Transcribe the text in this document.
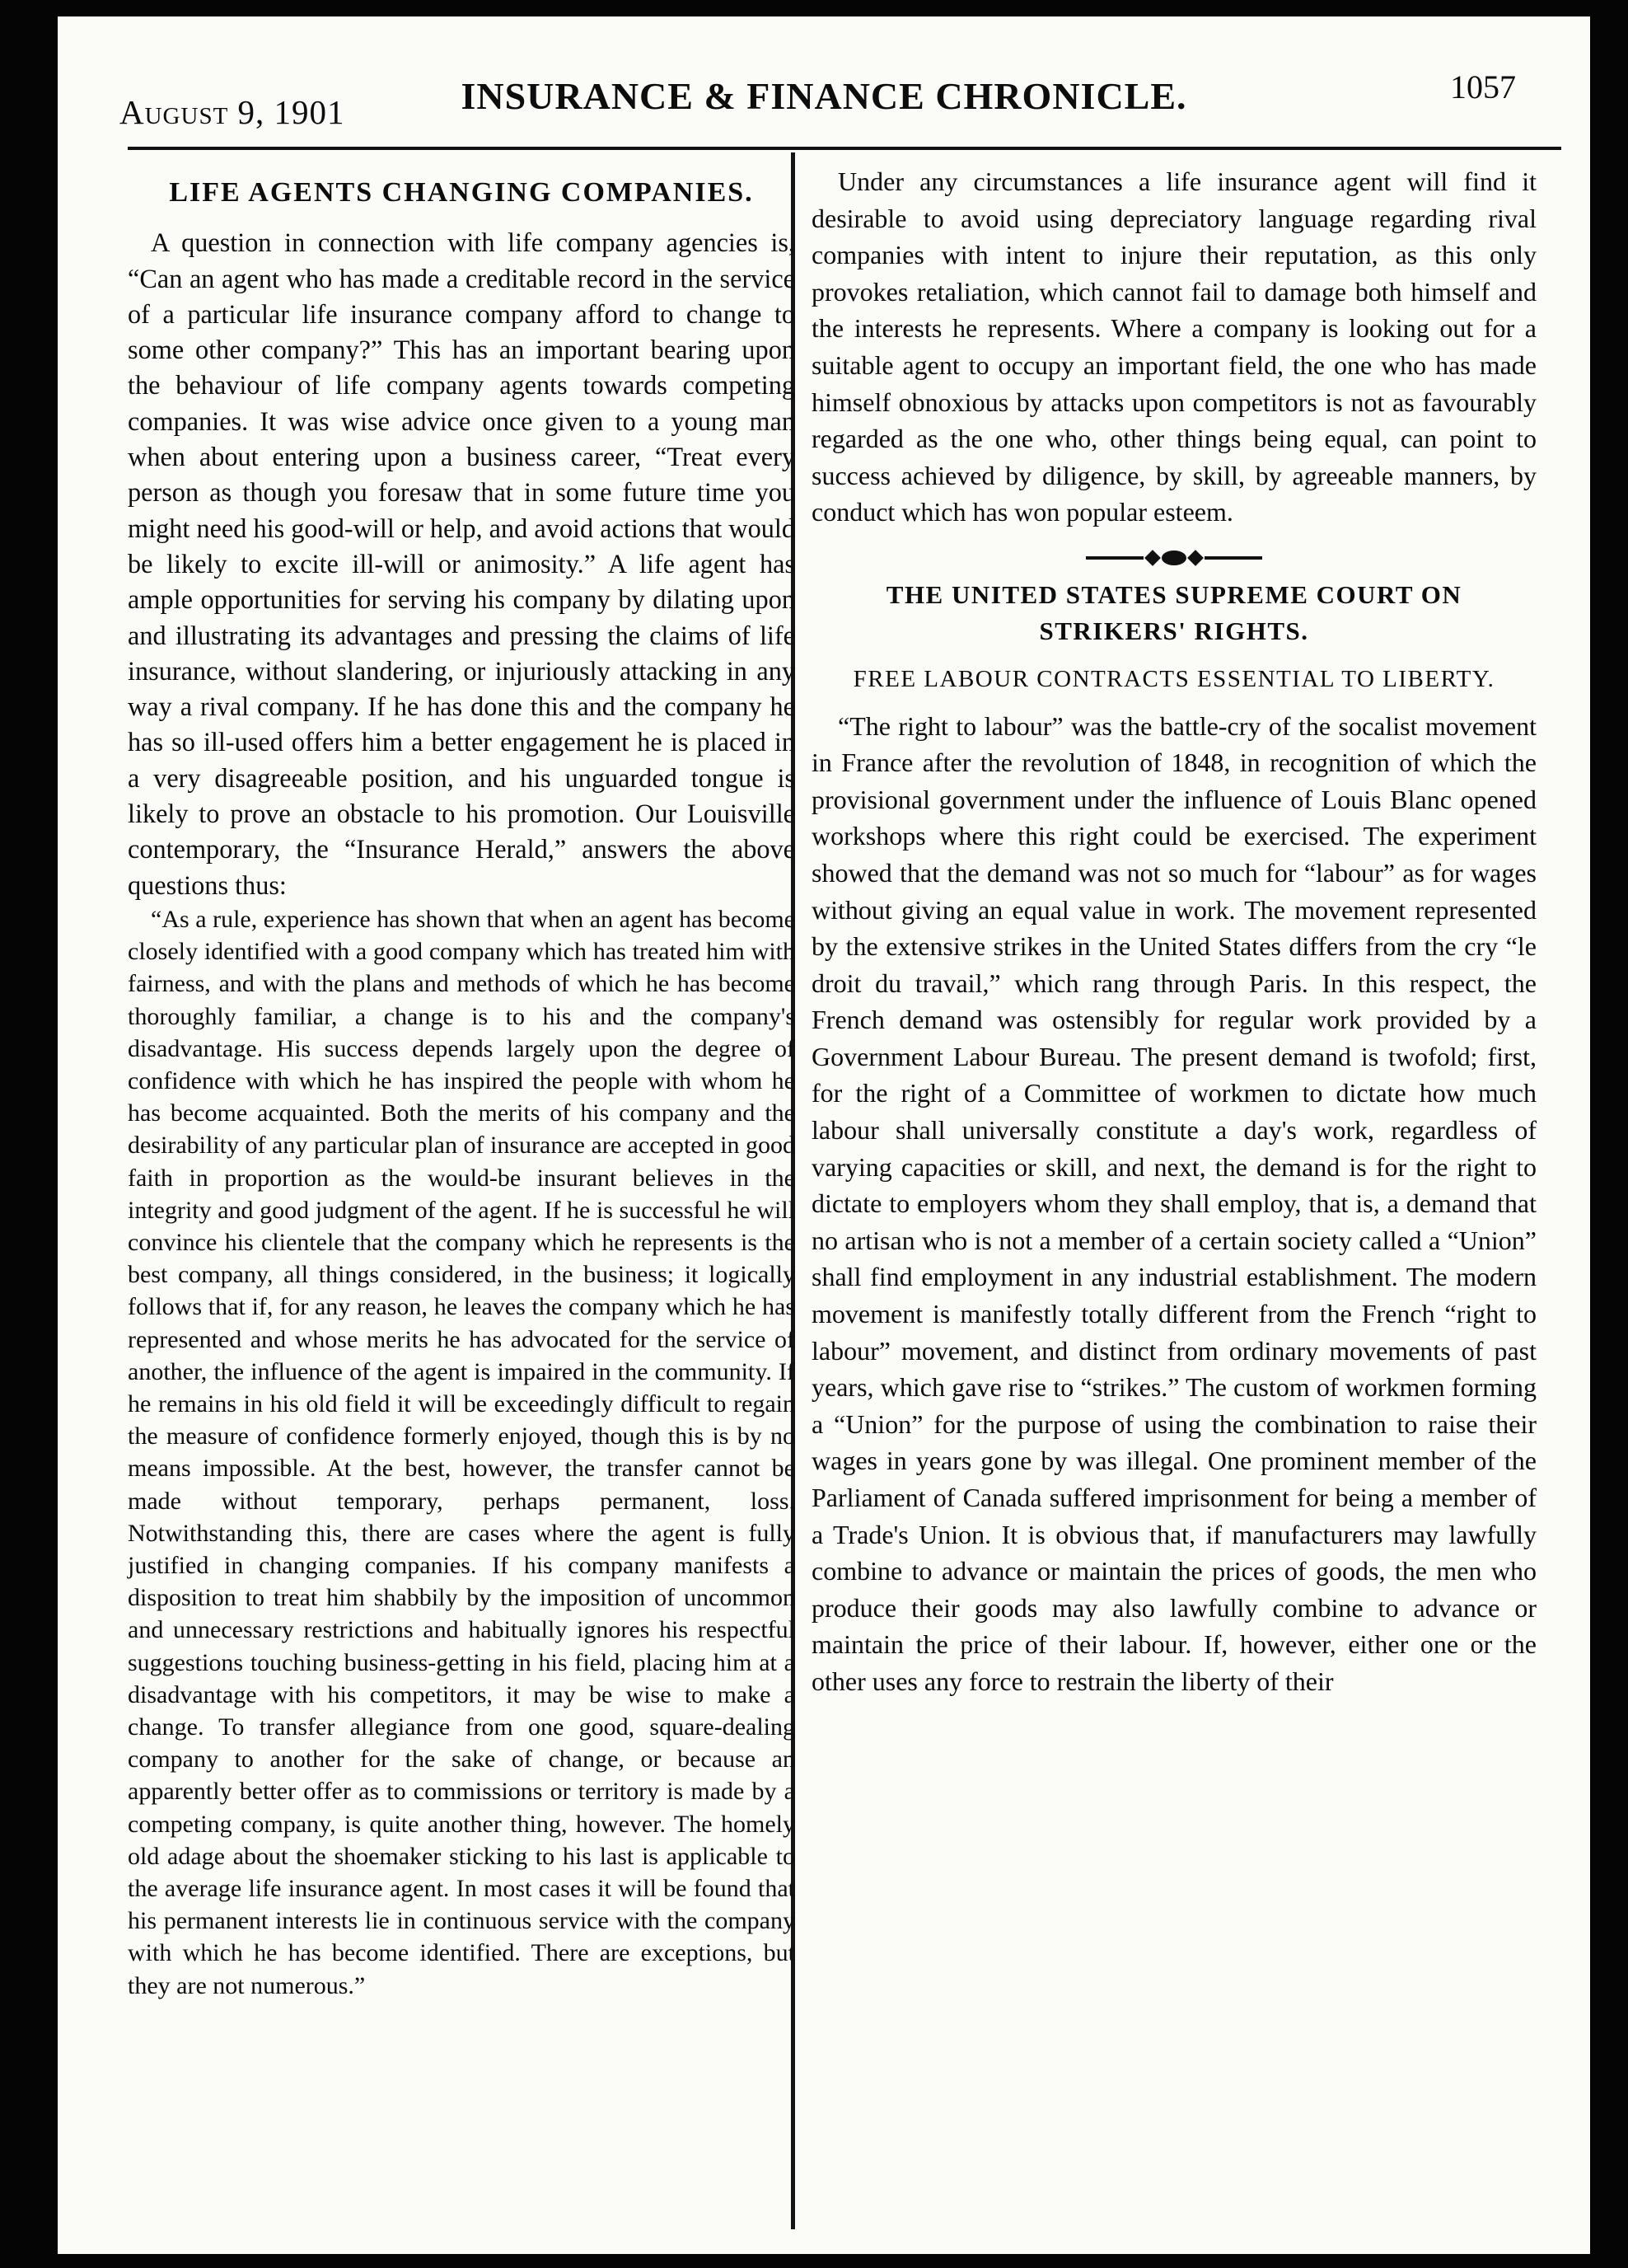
August 9, 1901	INSURANCE & FINANCE CHRONICLE.	1057
LIFE AGENTS CHANGING COMPANIES.

A question in connection with life company agencies is, “Can an agent who has made a creditable record in the service of a particular life insurance company afford to change to some other company?” This has an important bearing upon the behaviour of life company agents towards competing companies. It was wise advice once given to a young man when about entering upon a business career, “Treat every person as though you foresaw that in some future time you might need his good-will or help, and avoid actions that would be likely to excite ill-will or animosity.” A life agent has ample opportunities for serving his company by dilating upon and illustrating its advantages and pressing the claims of life insurance, without slandering, or injuriously attacking in any way a rival company. If he has done this and the company he has so ill-used offers him a better engagement he is placed in a very disagreeable position, and his unguarded tongue is likely to prove an obstacle to his promotion. Our Louisville contemporary, the “Insurance Herald,” answers the above questions thus:

“As a rule, experience has shown that when an agent has become closely identified with a good company which has treated him with fairness, and with the plans and methods of which he has become thoroughly familiar, a change is to his and the company's disadvantage. His success depends largely upon the degree of confidence with which he has inspired the people with whom he has become acquainted. Both the merits of his company and the desirability of any particular plan of insurance are accepted in good faith in proportion as the would-be insurant believes in the integrity and good judgment of the agent. If he is successful he will convince his clientele that the company which he represents is the best company, all things considered, in the business; it logically follows that if, for any reason, he leaves the company which he has represented and whose merits he has advocated for the service of another, the influence of the agent is impaired in the community. If he remains in his old field it will be exceedingly difficult to regain the measure of confidence formerly enjoyed, though this is by no means impossible. At the best, however, the transfer cannot be made without temporary, perhaps permanent, loss. Notwithstanding this, there are cases where the agent is fully justified in changing companies. If his company manifests a disposition to treat him shabbily by the imposition of uncommon and unnecessary restrictions and habitually ignores his respectful suggestions touching business-getting in his field, placing him at a disadvantage with his competitors, it may be wise to make a change. To transfer allegiance from one good, square-dealing company to another for the sake of change, or because an apparently better offer as to commissions or territory is made by a competing company, is quite another thing, however. The homely old adage about the shoemaker sticking to his last is applicable to the average life insurance agent. In most cases it will be found that his permanent interests lie in continuous service with the company with which he has become identified. There are exceptions, but they are not numerous.”

Under any circumstances a life insurance agent will find it desirable to avoid using depreciatory language regarding rival companies with intent to injure their reputation, as this only provokes retaliation, which cannot fail to damage both himself and the interests he represents. Where a company is looking out for a suitable agent to occupy an important field, the one who has made himself obnoxious by attacks upon competitors is not as favourably regarded as the one who, other things being equal, can point to success achieved by diligence, by skill, by agreeable manners, by conduct which has won popular esteem.

THE UNITED STATES SUPREME COURT ON
STRIKERS' RIGHTS.
FREE LABOUR CONTRACTS ESSENTIAL TO LIBERTY.

“The right to labour” was the battle-cry of the socalist movement in France after the revolution of 1848, in recognition of which the provisional government under the influence of Louis Blanc opened workshops where this right could be exercised. The experiment showed that the demand was not so much for “labour” as for wages without giving an equal value in work. The movement represented by the extensive strikes in the United States differs from the cry “le droit du travail,” which rang through Paris. In this respect, the French demand was ostensibly for regular work provided by a Government Labour Bureau. The present demand is twofold; first, for the right of a Committee of workmen to dictate how much labour shall universally constitute a day's work, regardless of varying capacities or skill, and next, the demand is for the right to dictate to employers whom they shall employ, that is, a demand that no artisan who is not a member of a certain society called a “Union” shall find employment in any industrial establishment. The modern movement is manifestly totally different from the French “right to labour” movement, and distinct from ordinary movements of past years, which gave rise to “strikes.” The custom of workmen forming a “Union” for the purpose of using the combination to raise their wages in years gone by was illegal. One prominent member of the Parliament of Canada suffered imprisonment for being a member of a Trade's Union. It is obvious that, if manufacturers may lawfully combine to advance or maintain the prices of goods, the men who produce their goods may also lawfully combine to advance or maintain the price of their labour. If, however, either one or the other uses any force to restrain the liberty of their
